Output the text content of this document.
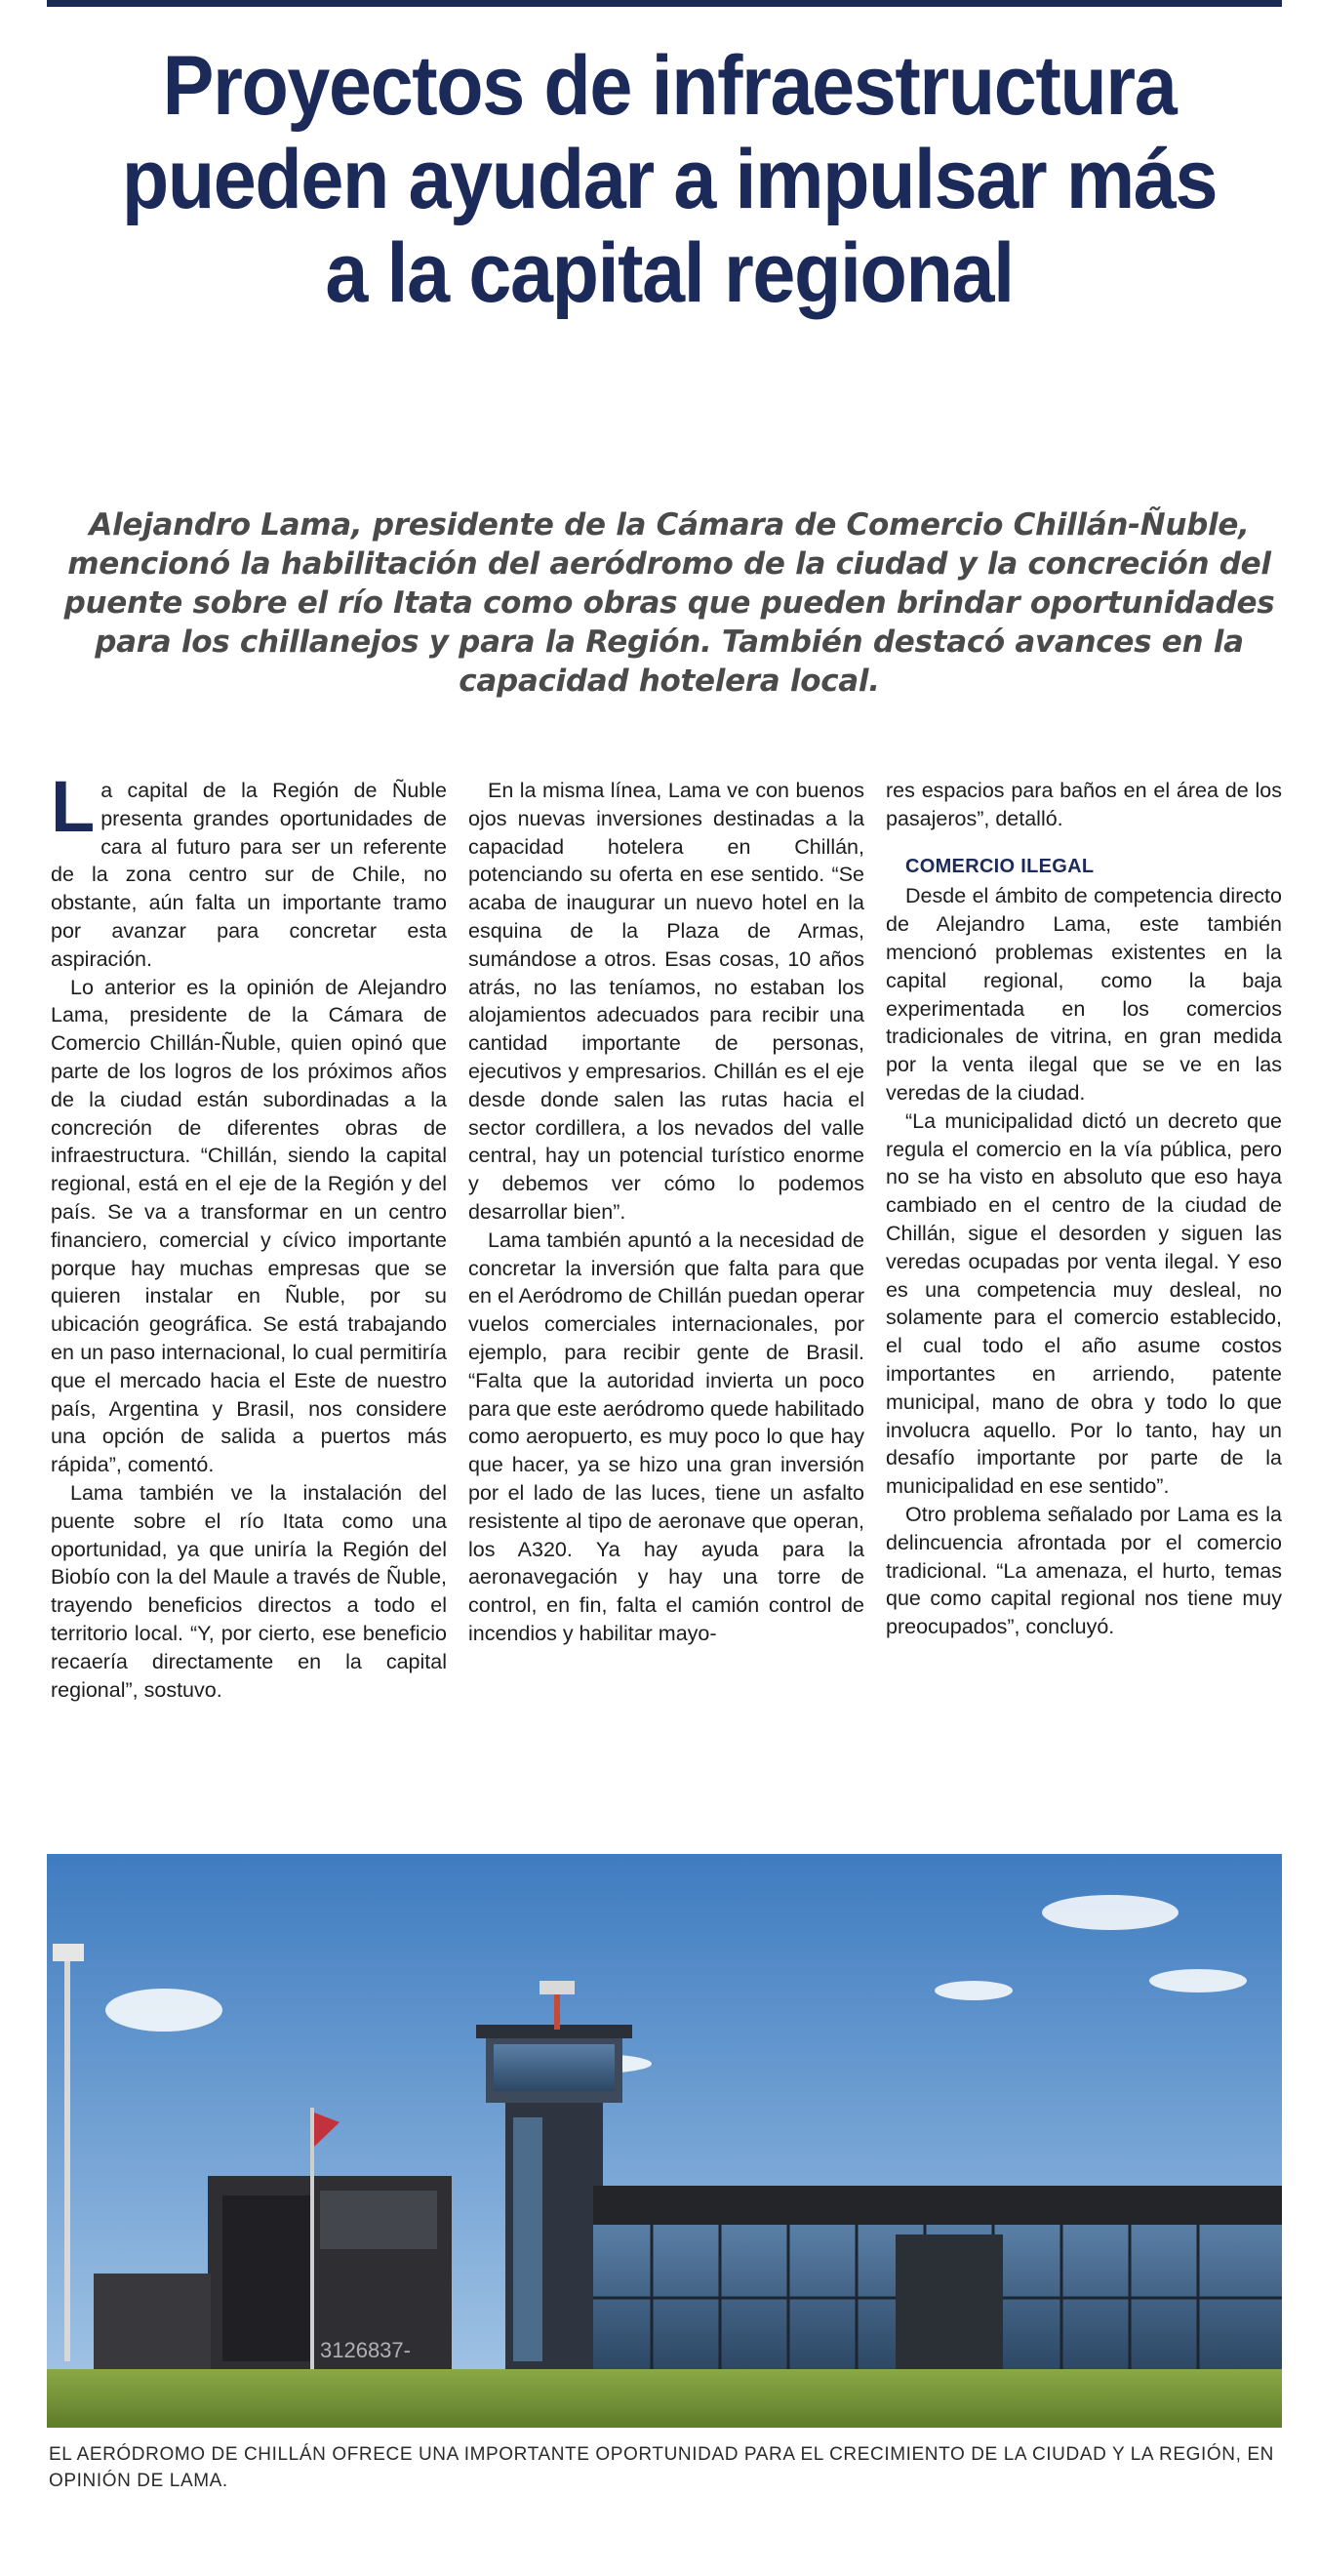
Proyectos de infraestructura pueden ayudar a impulsar más a la capital regional

Alejandro Lama, presidente de la Cámara de Comercio Chillán-Ñuble, mencionó la habilitación del aeródromo de la ciudad y la concreción del puente sobre el río Itata como obras que pueden brindar oportunidades para los chillanejos y para la Región. También destacó avances en la capacidad hotelera local.

La capital de la Región de Ñuble presenta grandes oportunidades de cara al futuro para ser un referente de la zona centro sur de Chile, no obstante, aún falta un importante tramo por avanzar para concretar esta aspiración.

Lo anterior es la opinión de Alejandro Lama, presidente de la Cámara de Comercio Chillán-Ñuble, quien opinó que parte de los logros de los próximos años de la ciudad están subordinadas a la concreción de diferentes obras de infraestructura. “Chillán, siendo la capital regional, está en el eje de la Región y del país. Se va a transformar en un centro financiero, comercial y cívico importante porque hay muchas empresas que se quieren instalar en Ñuble, por su ubicación geográfica. Se está trabajando en un paso internacional, lo cual permitiría que el mercado hacia el Este de nuestro país, Argentina y Brasil, nos considere una opción de salida a puertos más rápida”, comentó.

Lama también ve la instalación del puente sobre el río Itata como una oportunidad, ya que uniría la Región del Biobío con la del Maule a través de Ñuble, trayendo beneficios directos a todo el territorio local. “Y, por cierto, ese beneficio recaería directamente en la capital regional”, sostuvo.

En la misma línea, Lama ve con buenos ojos nuevas inversiones destinadas a la capacidad hotelera en Chillán, potenciando su oferta en ese sentido. “Se acaba de inaugurar un nuevo hotel en la esquina de la Plaza de Armas, sumándose a otros. Esas cosas, 10 años atrás, no las teníamos, no estaban los alojamientos adecuados para recibir una cantidad importante de personas, ejecutivos y empresarios. Chillán es el eje desde donde salen las rutas hacia el sector cordillera, a los nevados del valle central, hay un potencial turístico enorme y debemos ver cómo lo podemos desarrollar bien”.

Lama también apuntó a la necesidad de concretar la inversión que falta para que en el Aeródromo de Chillán puedan operar vuelos comerciales internacionales, por ejemplo, para recibir gente de Brasil. “Falta que la autoridad invierta un poco para que este aeródromo quede habilitado como aeropuerto, es muy poco lo que hay que hacer, ya se hizo una gran inversión por el lado de las luces, tiene un asfalto resistente al tipo de aeronave que operan, los A320. Ya hay ayuda para la aeronavegación y hay una torre de control, en fin, falta el camión control de incendios y habilitar mayo-

res espacios para baños en el área de los pasajeros”, detalló.

COMERCIO ILEGAL

Desde el ámbito de competencia directo de Alejandro Lama, este también mencionó problemas existentes en la capital regional, como la baja experimentada en los comercios tradicionales de vitrina, en gran medida por la venta ilegal que se ve en las veredas de la ciudad.

“La municipalidad dictó un decreto que regula el comercio en la vía pública, pero no se ha visto en absoluto que eso haya cambiado en el centro de la ciudad de Chillán, sigue el desorden y siguen las veredas ocupadas por venta ilegal. Y eso es una competencia muy desleal, no solamente para el comercio establecido, el cual todo el año asume costos importantes en arriendo, patente municipal, mano de obra y todo lo que involucra aquello. Por lo tanto, hay un desafío importante por parte de la municipalidad en ese sentido”.

Otro problema señalado por Lama es la delincuencia afrontada por el comercio tradicional. “La amenaza, el hurto, temas que como capital regional nos tiene muy preocupados”, concluyó.

3126837-

EL AERÓDROMO DE CHILLÁN OFRECE UNA IMPORTANTE OPORTUNIDAD PARA EL CRECIMIENTO DE LA CIUDAD Y LA REGIÓN, EN OPINIÓN DE LAMA.
